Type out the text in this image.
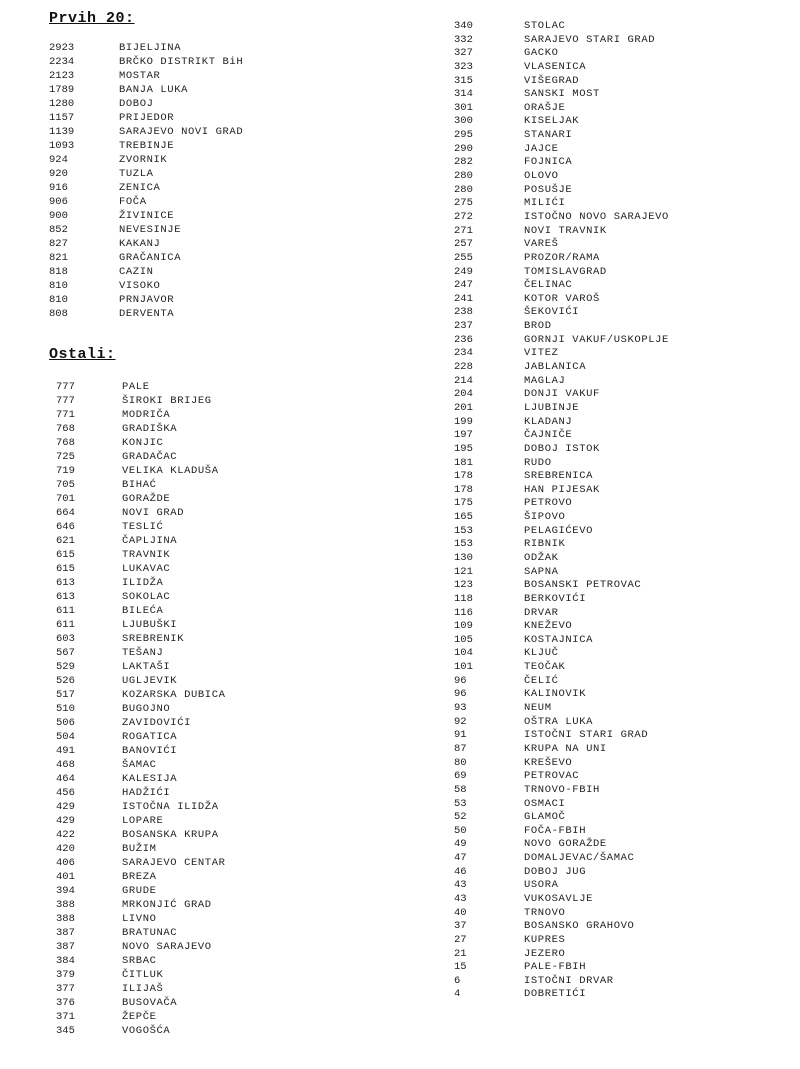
Prvih 20:
2923	BIJELJINA
2234	BRČKO DISTRIKT BiH
2123	MOSTAR
1789	BANJA LUKA
1280	DOBOJ
1157	PRIJEDOR
1139	SARAJEVO NOVI GRAD
1093	TREBINJE
924	ZVORNIK
920	TUZLA
916	ZENICA
906	FOČA
900	ŽIVINICE
852	NEVESINJE
827	KAKANJ
821	GRAČANICA
818	CAZIN
810	VISOKO
810	PRNJAVOR
808	DERVENTA
Ostali:
777	PALE
777	ŠIROKI BRIJEG
771	MODRIČA
768	GRADIŠKA
768	KONJIC
725	GRADAČAC
719	VELIKA KLADUŠA
705	BIHAĆ
701	GORAŽDE
664	NOVI GRAD
646	TESLIĆ
621	ČAPLJINA
615	TRAVNIK
615	LUKAVAC
613	ILIDŽA
613	SOKOLAC
611	BILEĆA
611	LJUBUŠKI
603	SREBRENIK
567	TEŠANJ
529	LAKTAŠI
526	UGLJEVIK
517	KOZARSKA DUBICA
510	BUGOJNO
506	ZAVIDOVIĆI
504	ROGATICA
491	BANOVIĆI
468	ŠAMAC
464	KALESIJA
456	HADŽIĆI
429	ISTOČNA ILIDŽA
429	LOPARE
422	BOSANSKA KRUPA
420	BUŽIM
406	SARAJEVO CENTAR
401	BREZA
394	GRUDE
388	MRKONJIĆ GRAD
388	LIVNO
387	BRATUNAC
387	NOVO SARAJEVO
384	SRBAC
379	ČITLUK
377	ILIJAŠ
376	BUSOVAČA
371	ŽEPČE
345	VOGOŠĆA
340	STOLAC
332	SARAJEVO STARI GRAD
327	GACKO
323	VLASENICA
315	VIŠEGRAD
314	SANSKI MOST
301	ORAŠJE
300	KISELJAK
295	STANARI
290	JAJCE
282	FOJNICA
280	OLOVO
280	POSUŠJE
275	MILIĆI
272	ISTOČNO NOVO SARAJEVO
271	NOVI TRAVNIK
257	VAREŠ
255	PROZOR/RAMA
249	TOMISLAVGRAD
247	ČELINAC
241	KOTOR VAROŠ
238	ŠEKOVIĆI
237	BROD
236	GORNJI VAKUF/USKOPLJE
234	VITEZ
228	JABLANICA
214	MAGLAJ
204	DONJI VAKUF
201	LJUBINJE
199	KLADANJ
197	ČAJNIČE
195	DOBOJ ISTOK
181	RUDO
178	SREBRENICA
178	HAN PIJESAK
175	PETROVO
165	ŠIPOVO
153	PELAGIĆEVO
153	RIBNIK
130	ODŽAK
121	SAPNA
123	BOSANSKI PETROVAC
118	BERKOVIĆI
116	DRVAR
109	KNEŽEVO
105	KOSTAJNICA
104	KLJUČ
101	TEOČAK
96	ČELIĆ
96	KALINOVIK
93	NEUM
92	OŠTRA LUKA
91	ISTOČNI STARI GRAD
87	KRUPA NA UNI
80	KREŠEVO
69	PETROVAC
58	TRNOVO-FBIH
53	OSMACI
52	GLAMOČ
50	FOČA-FBIH
49	NOVO GORAŽDE
47	DOMALJEVAC/ŠAMAC
46	DOBOJ JUG
43	USORA
43	VUKOSAVLJE
40	TRNOVO
37	BOSANSKO GRAHOVO
27	KUPRES
21	JEZERO
15	PALE-FBIH
6	ISTOČNI DRVAR
4	DOBRETIĆI
